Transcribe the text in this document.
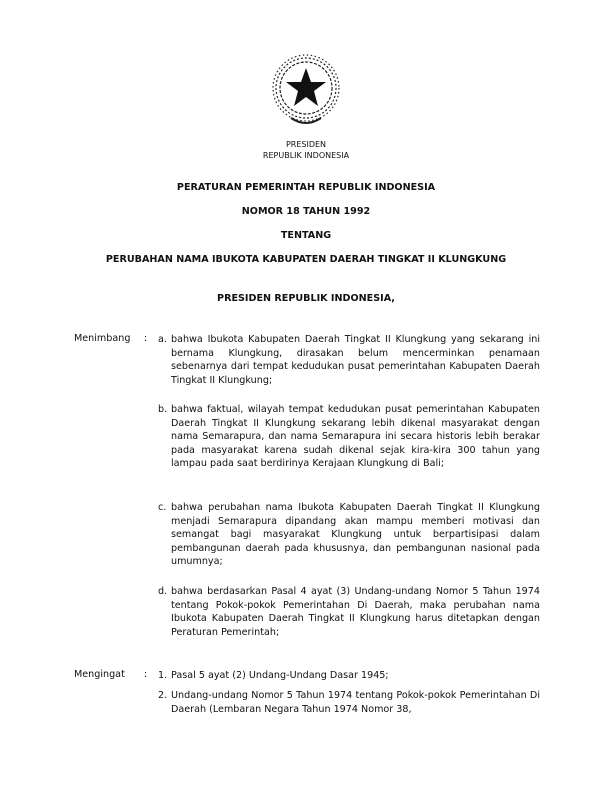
PRESIDEN
REPUBLIK INDONESIA
PERATURAN PEMERINTAH REPUBLIK INDONESIA
NOMOR 18 TAHUN 1992
TENTANG
PERUBAHAN NAMA IBUKOTA KABUPATEN DAERAH TINGKAT II KLUNGKUNG
PRESIDEN REPUBLIK INDONESIA,
Menimbang : a. bahwa Ibukota Kabupaten Daerah Tingkat II Klungkung yang sekarang ini bernama Klungkung, dirasakan belum mencerminkan penamaan sebenarnya dari tempat kedudukan pusat pemerintahan Kabupaten Daerah Tingkat II Klungkung;
b. bahwa faktual, wilayah tempat kedudukan pusat pemerintahan Kabupaten Daerah Tingkat II Klungkung sekarang lebih dikenal masyarakat dengan nama Semarapura, dan nama Semarapura ini secara historis lebih berakar pada masyarakat karena sudah dikenal sejak kira-kira 300 tahun yang lampau pada saat berdirinya Kerajaan Klungkung di Bali;
c. bahwa perubahan nama Ibukota Kabupaten Daerah Tingkat II Klungkung menjadi Semarapura dipandang akan mampu memberi motivasi dan semangat bagi masyarakat Klungkung untuk berpartisipasi dalam pembangunan daerah pada khususnya, dan pembangunan nasional pada umumnya;
d. bahwa berdasarkan Pasal 4 ayat (3) Undang-undang Nomor 5 Tahun 1974 tentang Pokok-pokok Pemerintahan Di Daerah, maka perubahan nama Ibukota Kabupaten Daerah Tingkat II Klungkung harus ditetapkan dengan Peraturan Pemerintah;
Mengingat : 1. Pasal 5 ayat (2) Undang-Undang Dasar 1945;
2. Undang-undang Nomor 5 Tahun 1974 tentang Pokok-pokok Pemerintahan Di Daerah (Lembaran Negara Tahun 1974 Nomor 38,
